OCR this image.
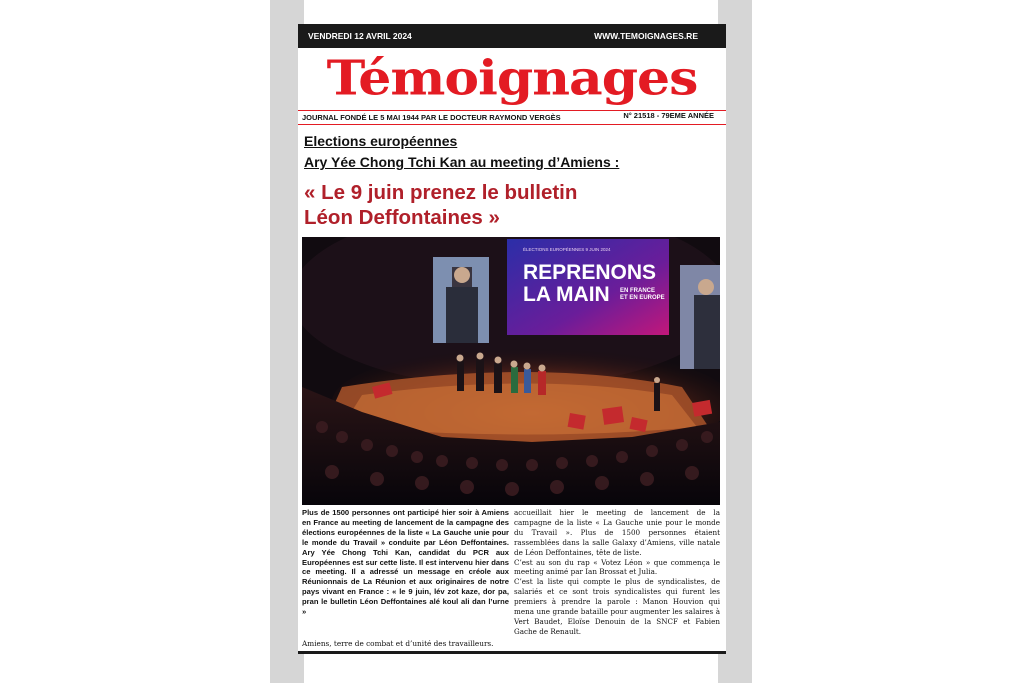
VENDREDI 12 AVRIL 2024	WWW.TEMOIGNAGES.RE
Témoignages
JOURNAL FONDÉ LE 5 MAI 1944 PAR LE DOCTEUR RAYMOND VERGÈS	N° 21518 - 79EME ANNÉE
Elections européennes
Ary Yée Chong Tchi Kan au meeting d’Amiens :
« Le 9 juin prenez le bulletin
Léon Deffontaines »
ÉLECTIONS EUROPÉENNES 9 JUIN 2024
REPRENONS
LA MAIN EN FRANCE
ET EN EUROPE

Plus de 1500 personnes ont participé hier soir à Amiens en France au meeting de lancement de la campagne des élections européennes de la liste « La Gauche unie pour le monde du Travail » conduite par Léon Deffontaines. Ary Yée Chong Tchi Kan, candidat du PCR aux Européennes est sur cette liste. Il est intervenu hier dans ce meeting. Il a adressé un message en créole aux Réunionnais de La Réunion et aux originaires de notre pays vivant en France : « le 9 juin, lév zot kaze, dor pa, pran le bulletin Léon Deffontaines alé koul ali dan l’urne »

Amiens, terre de combat et d’unité des travailleurs.

accueillait hier le meeting de lancement de la campagne de la liste « La Gauche unie pour le monde du Travail ». Plus de 1500 personnes étaient rassemblées dans la salle Galaxy d’Amiens, ville natale de Léon Deffontaines, tête de liste.

C’est au son du rap « Votez Léon » que commença le meeting animé par Ian Brossat et Julia.

C’est la liste qui compte le plus de syndicalistes, de salariés et ce sont trois syndicalistes qui furent les premiers à prendre la parole : Manon Houvion qui mena une grande bataille pour augmenter les salaires à Vert Baudet, Eloïse Denouin de la SNCF et Fabien Gache de Renault.
